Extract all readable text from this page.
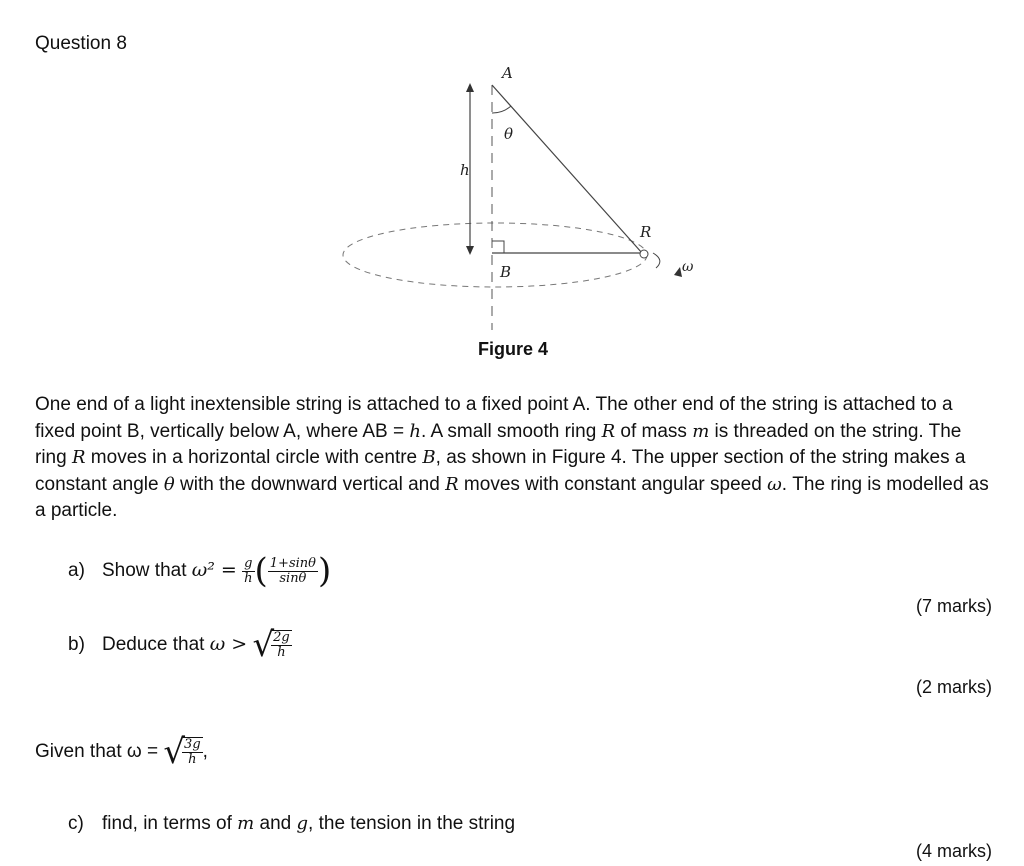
Question 8
A
θ
h
R
B	ω
Figure 4
One end of a light inextensible string is attached to a fixed point A. The other end of the string is attached to a fixed point B, vertically below A, where AB = h. A small smooth ring R of mass m is threaded on the string. The ring R moves in a horizontal circle with centre B, as shown in Figure 4. The upper section of the string makes a constant angle θ with the downward vertical and R moves with constant angular speed ω. The ring is modelled as a particle.
a) Show that $\omega^2 = \frac{g}{h}$ ( $\frac{1+\sin\theta}{\sin\theta}$ )
(7 marks)
b) Deduce that ω > √
$\frac{2g}{h}$
(2 marks)
Given that ω = √
$\frac{3g}{h}$ ,
c) find, in terms of m and g, the tension in the string
(4 marks)
